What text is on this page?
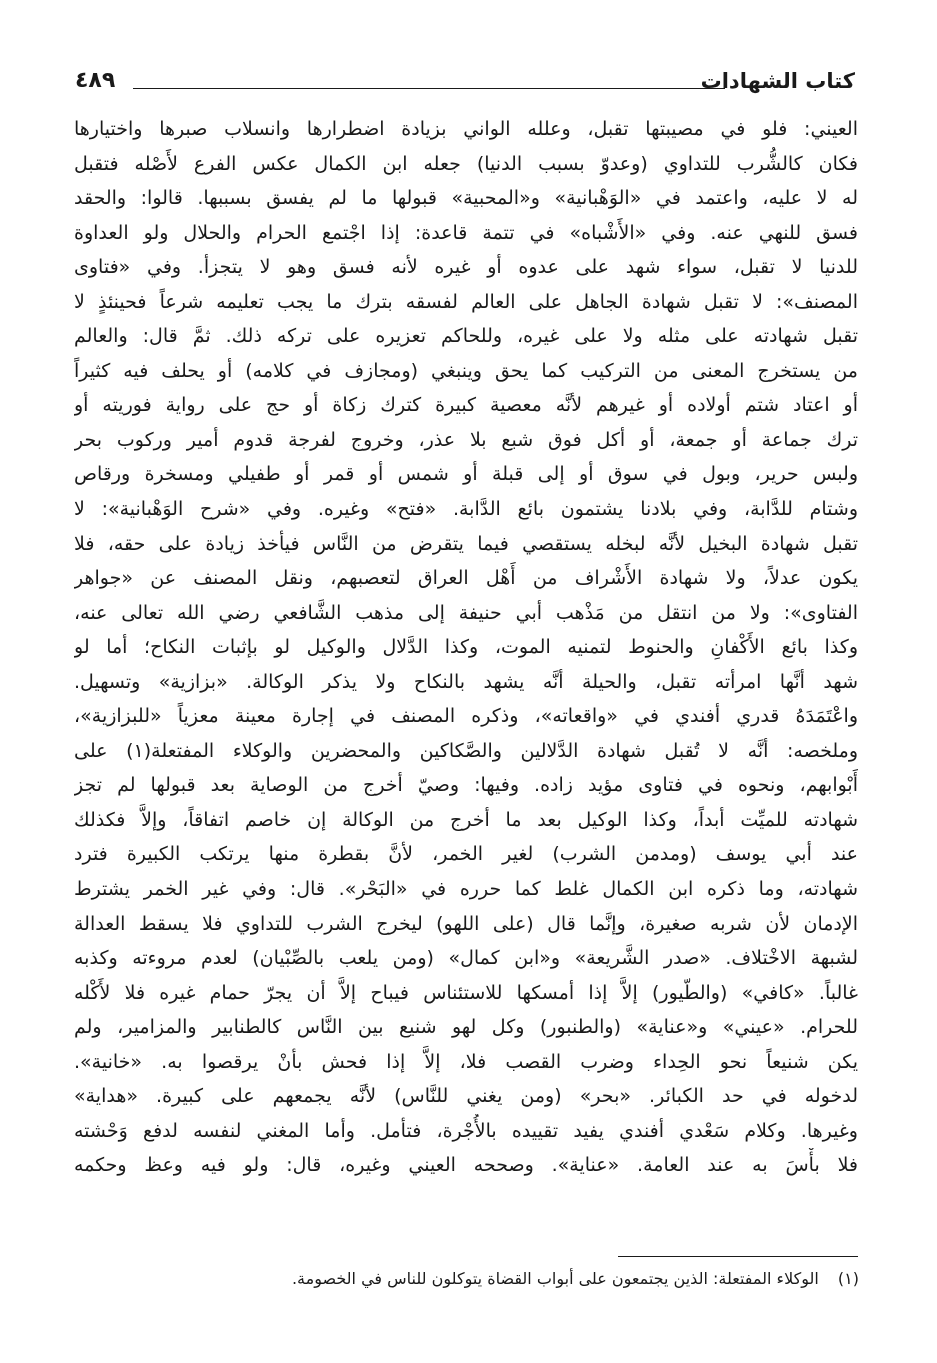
٤٨٩	كتاب الشهادات
العيني: فلو في مصيبتها تقبل، وعلله الواني بزيادة اضطرارها وانسلاب صبرها واختيارها
فكان كالشُّرب للتداوي (وعدوّ بسبب الدنيا) جعله ابن الكمال عكس الفرع لأَصْله فتقبل
له لا عليه، واعتمد في «الوَهْبانية» و«المحبية» قبولها ما لم يفسق بسببها. قالوا: والحقد
فسق للنهي عنه. وفي «الأَشْباه» في تتمة قاعدة: إذا اجْتمع الحرام والحلال ولو العداوة
للدنيا لا تقبل، سواء شهد على عدوه أو غيره لأنه فسق وهو لا يتجزأ. وفي «فتاوى
المصنف»: لا تقبل شهادة الجاهل على العالم لفسقه بترك ما يجب تعليمه شرعاً فحينئذٍ لا
تقبل شهادته على مثله ولا على غيره، وللحاكم تعزيره على تركه ذلك. ثمَّ قال: والعالم
من يستخرج المعنى من التركيب كما يحق وينبغي (ومجازف في كلامه) أو يحلف فيه كثيراً
أو اعتاد شتم أولاده أو غيرهم لأنَّه معصية كبيرة كترك زكاة أو حج على رواية فوريته أو
ترك جماعة أو جمعة، أو أكل فوق شبع بلا عذر، وخروج لفرجة قدوم أمير وركوب بحر
ولبس حرير، وبول في سوق أو إلى قبلة أو شمس أو قمر أو طفيلي ومسخرة ورقاص
وشتام للدَّابة، وفي بلادنا يشتمون بائع الدَّابة. «فتح» وغيره. وفي «شرح الوَهْبانية»: لا
تقبل شهادة البخيل لأنَّه لبخله يستقصي فيما يتقرض من النَّاس فيأخذ زيادة على حقه، فلا
يكون عدلاً، ولا شهادة الأَشْراف من أَهْل العراق لتعصبهم، ونقل المصنف عن «جواهر
الفتاوى»: ولا من انتقل من مَذْهب أبي حنيفة إلى مذهب الشَّافعي رضي الله تعالى عنه،
وكذا بائع الأَكْفانِ والحنوط لتمنيه الموت، وكذا الدَّلال والوكيل لو بإثبات النكاح؛ أما لو
شهد أنَّها امرأته تقبل، والحيلة أنَّه يشهد بالنكاح ولا يذكر الوكالة. «بزازية» وتسهيل.
واعْتَمَدَهُ قدري أفندي في «واقعاته»، وذكره المصنف في إجارة معينة معزياً «للبزازية»،
وملخصه: أنَّه لا تُقبل شهادة الدَّلالين والصَّكاكين والمحضرين والوكلاء المفتعلة(١) على
أَبْوابهم، ونحوه في فتاوى مؤيد زاده. وفيها: وصيّ أخرج من الوصاية بعد قبولها لم تجز
شهادته للميِّت أبداً، وكذا الوكيل بعد ما أخرج من الوكالة إن خاصم اتفاقاً، وإلاَّ فكذلك
عند أبي يوسف (ومدمن الشرب) لغير الخمر، لأنَّ بقطرة منها يرتكب الكبيرة فترد
شهادته، وما ذكره ابن الكمال غلط كما حرره في «البَحْر». قال: وفي غير الخمر يشترط
الإدمان لأن شربه صغيرة، وإنَّما قال (على اللهو) ليخرج الشرب للتداوي فلا يسقط العدالة
لشبهة الاخْتلاف. «صدر الشَّريعة» و«ابن كمال» (ومن يلعب بالصِّبْيان) لعدم مروءته وكذبه
غالباً. «كافي» (والطّيور) إلاَّ إذا أمسكها للاستئناس فيباح إلاَّ أن يجرّ حمام غيره فلا لأَكْله
للحرام. «عيني» و«عناية» (والطنبور) وكل لهو شنيع بين النَّاس كالطنابير والمزامير، ولم
يكن شنيعاً نحو الحِداء وضرب القصب فلا، إلاَّ إذا فحش بأنْ يرقصوا به. «خانية».
لدخوله في حد الكبائر. «بحر» (ومن يغني للنَّاس) لأنَّه يجمعهم على كبيرة. «هداية»
وغيرها. وكلام سَعْدي أفندي يفيد تقييده بالأُجْرة، فتأمل. وأما المغني لنفسه لدفع وَحْشته
فلا بأْسَ به عند العامة. «عناية». وصححه العيني وغيره، قال: ولو فيه وعظ وحكمه
(١) الوكلاء المفتعلة: الذين يجتمعون على أبواب القضاة يتوكلون للناس في الخصومة.
